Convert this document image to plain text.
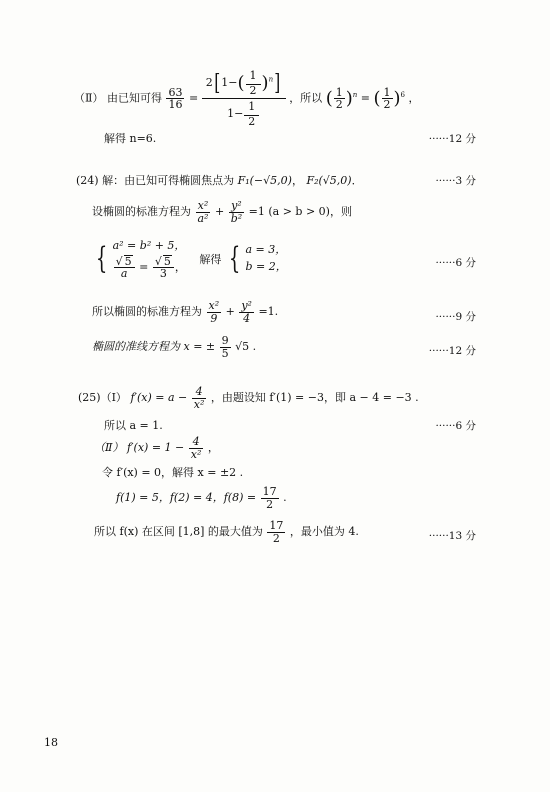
（Ⅱ） 由已知可得 $\frac{63}{16} = \frac{2[1-( \frac{1}{2} )^n]}{1- \frac{1}{2}}$ ，所以 ( $\frac{1}{2} )^n$ = ( $\frac{1}{2} )^6$ ，
解得 n=6.	······12 分
(24) 解：由已知可得椭圆焦点为 F₁(−√5,0)， F₂(√5,0)．	······3 分
设椭圆的标准方程为 $\frac{\text{x²}}{\text{a²}} + \frac{\text{y²}}{\text{b²}} =1$ (a > b > 0)，则
{ a² = b² + 5，

$\frac{√ 5}{a} = \frac{√ 5}{3}$ ， 解得 { a = 3，
b = 2，	······6 分
所以椭圆的标准方程为 $\frac{\text{x²}}{9} + \frac{\text{y²}}{4} =1$.	······9 分
椭圆的准线方程为 x = ± $\frac{9}{5} √5$ .	······12 分
(25)（Ⅰ） $f'(x) = a - \frac{4}{\text{x²}}$ ，由题设知 f′(1) = −3，即 a − 4 = −3 .
所以 a = 1.	······6 分
（Ⅱ） $f'(x) = 1 - \frac{4}{\text{x²}}$ ，
令 f′(x) = 0，解得 x = ±2 .
f(1) = 5，f(2) = 4，$f(8) = \frac{17}{2}$ .
所以 f(x) 在区间 [1,8] 的最大值为 $\frac{17}{2}$ ，最小值为 4.	······13 分
18
